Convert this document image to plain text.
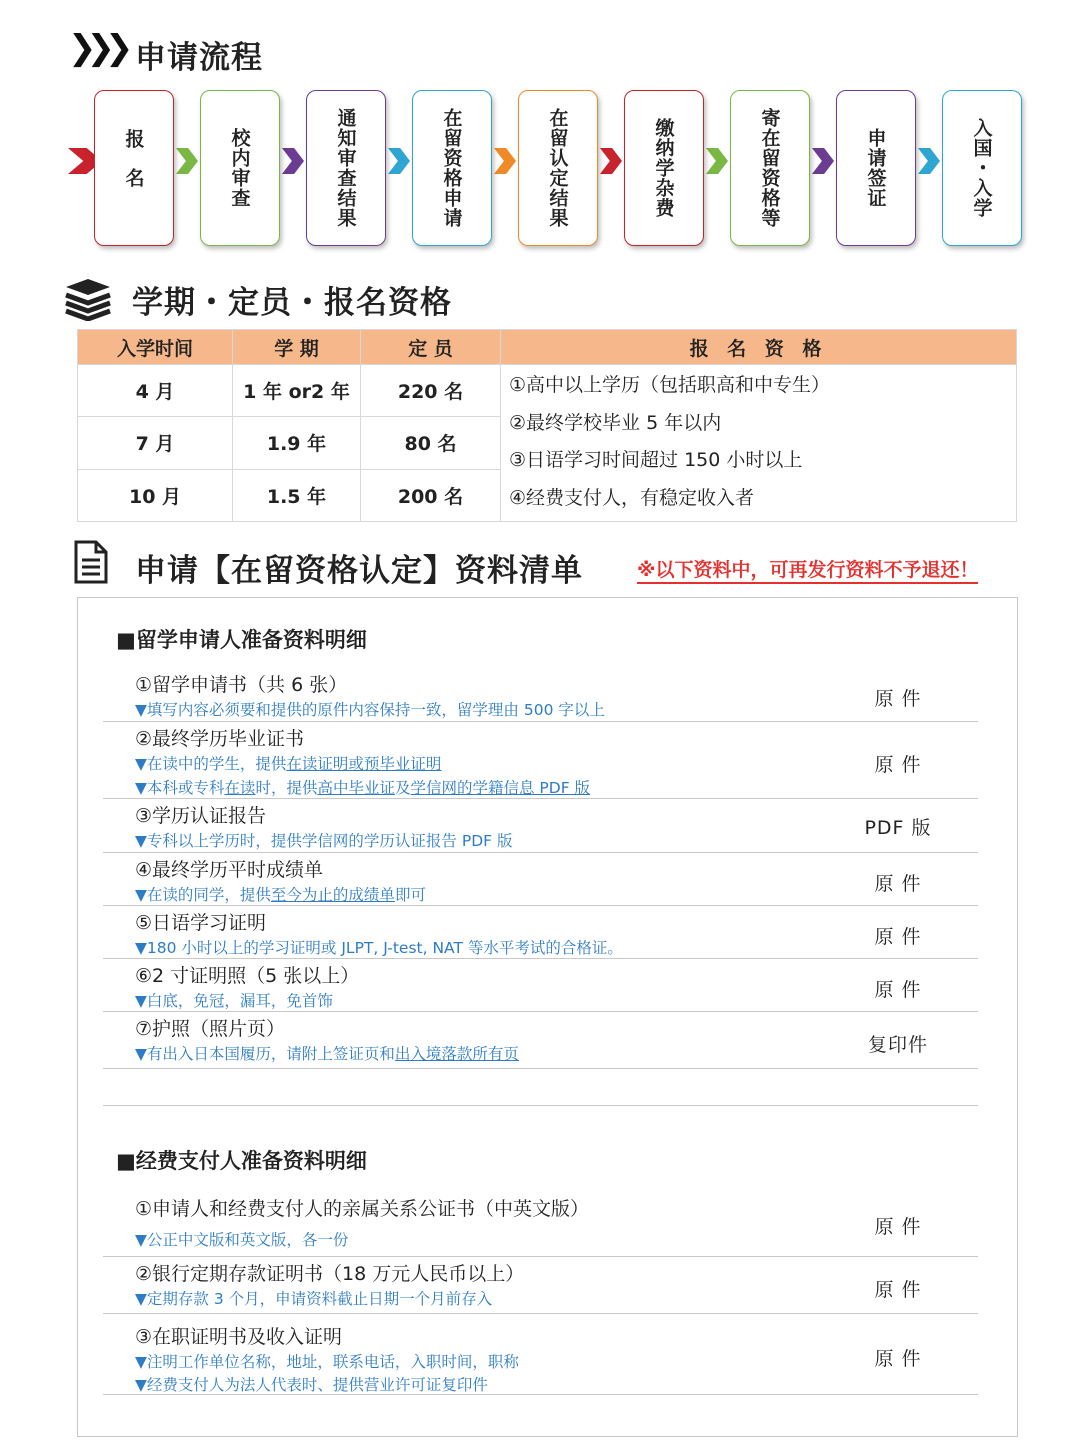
❯❯❯ 申请流程
报名	校内审查	通知审查结果	在留资格申请	在留认定结果	缴纳学杂费	寄在留资格等	申请签证	入国・入学
学期・定员・报名资格
入学时间	学 期	定 员	报 名 资 格
4 月	1 年 or2 年	220 名	①高中以上学历（包括职高和中专生）
②最终学校毕业 5 年以内
③日语学习时间超过 150 小时以上
④经费支付人，有稳定收入者

7 月	1.9 年	80 名	
10 月	1.5 年	200 名	
申请【在留资格认定】资料清单	※以下资料中，可再发行资料不予退还！
■留学申请人准备资料明细
①留学申请书（共 6 张）
▼填写内容必须要和提供的原件内容保持一致，留学理由 500 字以上	原 件
②最终学历毕业证书
▼在读中的学生，提供在读证明或预毕业证明
▼本科或专科在读时，提供高中毕业证及学信网的学籍信息 PDF 版
原 件
③学历认证报告
▼专科以上学历时，提供学信网的学历认证报告 PDF 版
PDF 版
④最终学历平时成绩单
▼在读的同学，提供至今为止的成绩单即可	原 件
⑤日语学习证明
▼180 小时以上的学习证明或 JLPT, J-test, NAT 等水平考试的合格证。	原 件
⑥2 寸证明照（5 张以上）
▼白底，免冠，漏耳，免首饰	原 件
⑦护照（照片页）
▼有出入日本国履历，请附上签证页和出入境落款所有页	复印件
■经费支付人准备资料明细
①申请人和经费支付人的亲属关系公证书（中英文版）
▼公正中文版和英文版，各一份
原 件
②银行定期存款证明书（18 万元人民币以上）
▼定期存款 3 个月，申请资料截止日期一个月前存入	原 件
③在职证明书及收入证明
▼注明工作单位名称，地址，联系电话，入职时间，职称
▼经费支付人为法人代表时、提供营业许可证复印件
原 件
